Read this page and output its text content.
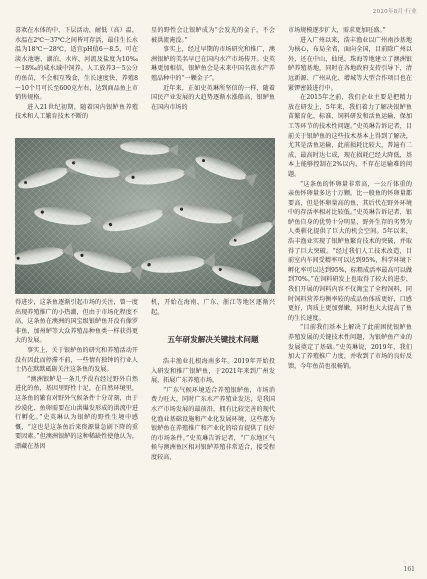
2020年8月·行业

喜欢在水体的中、下层活动，耐低（高）温，水温在2℃～37℃之间皆可存活，最佳生长水温为18℃～28℃，适宜pH值6～8.5，可在淡水池塘、湖泊、水库、河流及盐度为10‰～18‰的咸水域中饲养。人工放养3～5公分的鱼苗，不会相互残食，生长速度快，养殖8～10个月可长至600克左右，达到商品鱼上市销售规格。

进入21世纪初期，随着国内银鲈鱼养殖技术和人工繁育技术不断的

星的野性会让银鲈成为“会发光的金子，不会被洪流淹没。”

事实上，经过早期的市场研究和推广，澳洲银鲈的美名早已在国内水产市场传开。史英琳更加相信，银鲈鱼会是未来中国名贵水产养殖品种中的“一颗金子”。

近年来，正如史英琳所坚信的一样，随着国民产业发展的大趋势逐渐水涨船高，银鲈鱼在国内市场的

市场规模逐步扩大，需求更加旺盛。”

进入广州以来，浩丰渔业以广州南沙基地为核心，布局全省，面向全国，目前除广州以外，还在中山、仙尾、珠海等地建立了澳洲银鲈养殖基地，同时在各地政府支持引导下，清远新源、广州从化、增城等大型合作项目也在紧锣密鼓进行中。

在2015年之前，我们企业主要是把精力放在研发上，5年来，我们着力了解决银鲈鱼苗繁育化、标准、饲料研发和活鱼运输、保加工等环节的技术性问题。”史英琳告诉记者，目前关于银鲈鱼的这些技术基本上得到了解决，尤其是活鱼运输，此前损耗比较大，普遍有二成，最高时达七成，现在损耗已经大降低，基本上能够控制在2%以内，不存在运输难的问题。

“这条鱼的怀卵量非常高，一公斤体重的亲鱼怀卵量多达十万颗。比一般鱼的怀卵量都要高，但是怀卵量高的鱼，其后代在野外环境中的存活率相对比较低。”史英琳告诉记者，银鲈鱼自身的优势十分明显，野外生存的劣势为人类驯化提供了巨大的机会空间。5年以来，浩丰渔业实现了银鲈鱼繁育技术的突破，并取得了巨大突破。“经过我们人工技术改造，目前室内车间受精率可以达到95%，科学环境下孵化率可以达到95%，标粗成活率最高可以做到70%。”在饲料研发上也取得了较大的进步，我们开展的饲料内容不仅淘宝了全程饲料，同时饲料营养均衡率较的成品鱼体质更好，口感更好，肉质上更加弹嫩，同时也大大提高了鱼的生长速度。

“目前我们基本上解决了此前困扰银鲈鱼养殖发展的关键技术性问题，为银鲈鱼产业的发展奠定了基础。”史英琳说，2019年，我们加大了养殖推广力度，并收到了市场的良好反馈，今年鱼苗也很畅销。

得进步，这条鱼逐渐引起市场的关注，曾一度出现养殖推广的小热潮，但由于市场化程度不高，这条鱼在澳洲的国宝级银鲈鱼开没有像罗非鱼、加州鲈等大众养殖品种鱼类一样获得更大的发展。

事实上，关于银鲈鱼的研究和养殖活动开没有因此而停滞不前，一些情有独钟的行业人士仍在默默砥砺关注这条鱼的发展。

“澳洲银鲈是一条几乎没有经过野外自然进化的鱼，基因里野性十足，在自然环境里，这条鱼的繁育对野外气候条件十分苛刻，由于沙漠化、鱼卵需要在山洪爆发形成的洪流中进行孵化。”史英琳认为银鲈的野性生境中感慨，“这也是这条鱼后来资源量急剧下降的重要因素。”但澳洲银鲈的这种稀缺性使他认为，漂藏在基因

机，开始在海南、广东、浙江等地区逐渐兴起。

五年研发解决关键技术问题

浩丰渔业扎根海南多年。2019年开始投入研发和推广银鲈鱼，于2021年来到广州发展，拓展广东养殖市场。

“广东气候环境适合养殖银鲈鱼，市场消费力旺大，同时广东水产养殖业发达，是我国水产市场发展的最前沿，拥有比较完善的现代化渔业基础设施和产业化发展环境，这些都为银鲈鱼在养殖推广和产业化的培育提供了良好的市场条件。”史英琳告诉记者，“广东地区气候与澳洲鱼区相对银鲈养殖非常适合，接受程度较高，

161
